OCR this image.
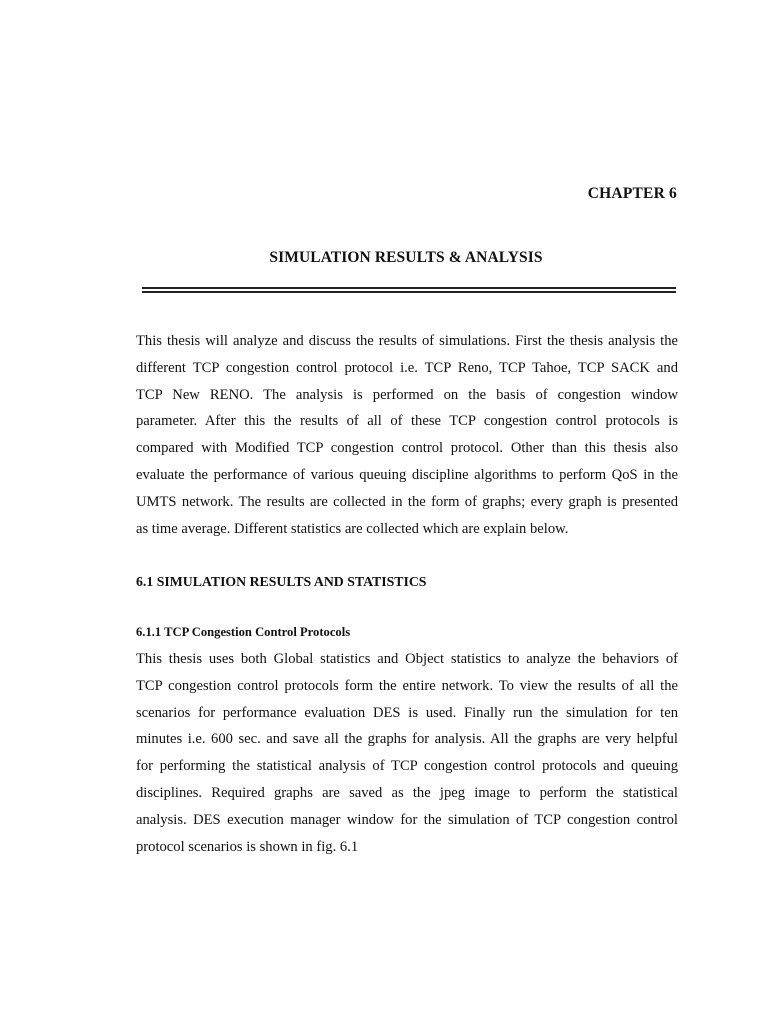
CHAPTER 6
SIMULATION RESULTS & ANALYSIS
This thesis will analyze and discuss the results of simulations. First the thesis analysis the
different TCP congestion control protocol i.e. TCP Reno, TCP Tahoe, TCP SACK and
TCP New RENO. The analysis is performed on the basis of congestion window
parameter. After this the results of all of these TCP congestion control protocols is
compared with Modified TCP congestion control protocol. Other than this thesis also
evaluate the performance of various queuing discipline algorithms to perform QoS in the
UMTS network. The results are collected in the form of graphs; every graph is presented
as time average. Different statistics are collected which are explain below.
6.1 SIMULATION RESULTS AND STATISTICS
6.1.1 TCP Congestion Control Protocols
This thesis uses both Global statistics and Object statistics to analyze the behaviors of
TCP congestion control protocols form the entire network. To view the results of all the
scenarios for performance evaluation DES is used. Finally run the simulation for ten
minutes i.e. 600 sec. and save all the graphs for analysis. All the graphs are very helpful
for performing the statistical analysis of TCP congestion control protocols and queuing
disciplines. Required graphs are saved as the jpeg image to perform the statistical
analysis. DES execution manager window for the simulation of TCP congestion control
protocol scenarios is shown in fig. 6.1
